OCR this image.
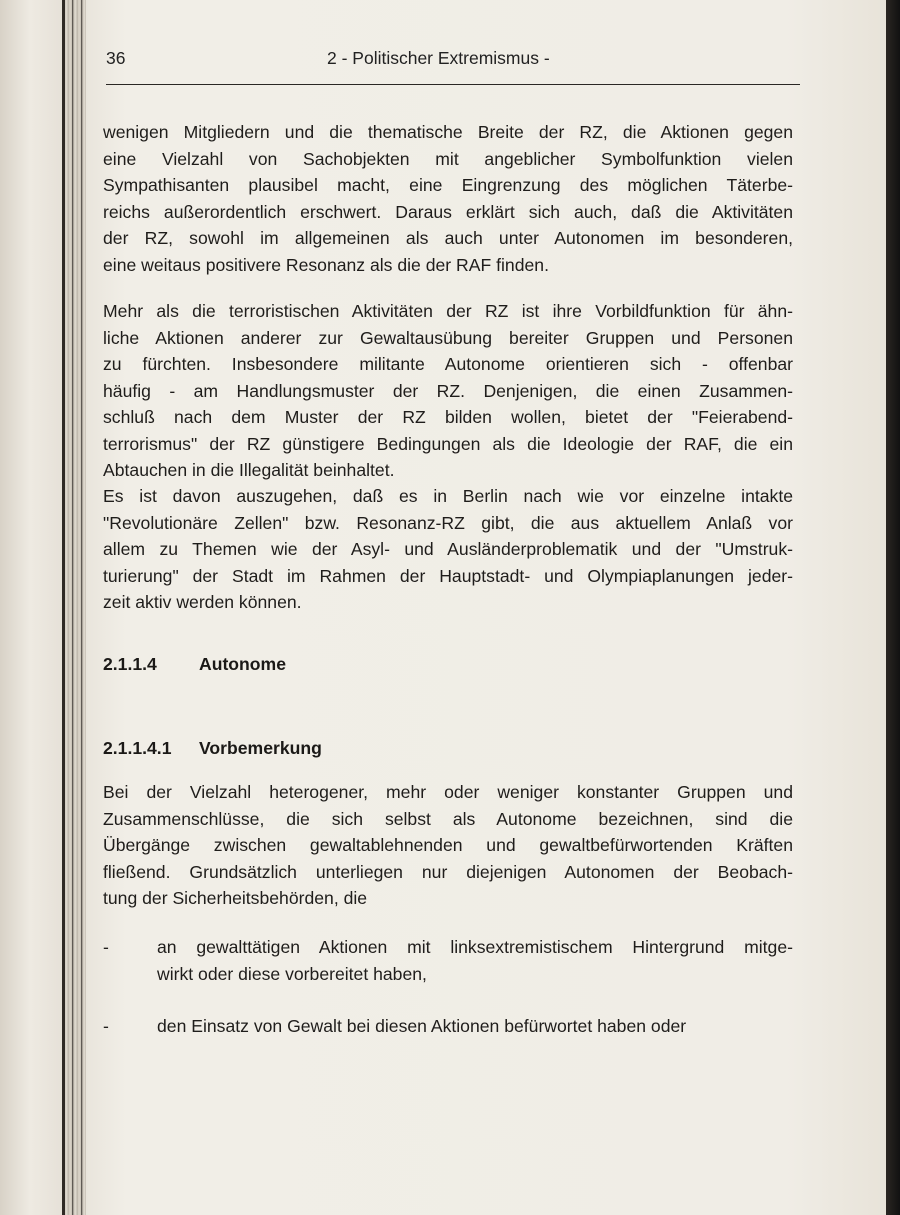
36	2 - Politischer Extremismus -
wenigen Mitgliedern und die thematische Breite der RZ, die Aktionen gegen
eine Vielzahl von Sachobjekten mit angeblicher Symbolfunktion vielen
Sympathisanten plausibel macht, eine Eingrenzung des möglichen Täterbe-
reichs außerordentlich erschwert. Daraus erklärt sich auch, daß die Aktivitäten
der RZ, sowohl im allgemeinen als auch unter Autonomen im besonderen,
eine weitaus positivere Resonanz als die der RAF finden.
Mehr als die terroristischen Aktivitäten der RZ ist ihre Vorbildfunktion für ähn-
liche Aktionen anderer zur Gewaltausübung bereiter Gruppen und Personen
zu fürchten. Insbesondere militante Autonome orientieren sich - offenbar
häufig - am Handlungsmuster der RZ. Denjenigen, die einen Zusammen-
schluß nach dem Muster der RZ bilden wollen, bietet der "Feierabend-
terrorismus" der RZ günstigere Bedingungen als die Ideologie der RAF, die ein
Abtauchen in die Illegalität beinhaltet.
Es ist davon auszugehen, daß es in Berlin nach wie vor einzelne intakte
"Revolutionäre Zellen" bzw. Resonanz-RZ gibt, die aus aktuellem Anlaß vor
allem zu Themen wie der Asyl- und Ausländerproblematik und der "Umstruk-
turierung" der Stadt im Rahmen der Hauptstadt- und Olympiaplanungen jeder-
zeit aktiv werden können.
2.1.1.4 Autonome
2.1.1.4.1 Vorbemerkung
Bei der Vielzahl heterogener, mehr oder weniger konstanter Gruppen und
Zusammenschlüsse, die sich selbst als Autonome bezeichnen, sind die
Übergänge zwischen gewaltablehnenden und gewaltbefürwortenden Kräften
fließend. Grundsätzlich unterliegen nur diejenigen Autonomen der Beobach-
tung der Sicherheitsbehörden, die
-	an gewalttätigen Aktionen mit linksextremistischem Hintergrund mitge-
wirkt oder diese vorbereitet haben,
-	den Einsatz von Gewalt bei diesen Aktionen befürwortet haben oder
